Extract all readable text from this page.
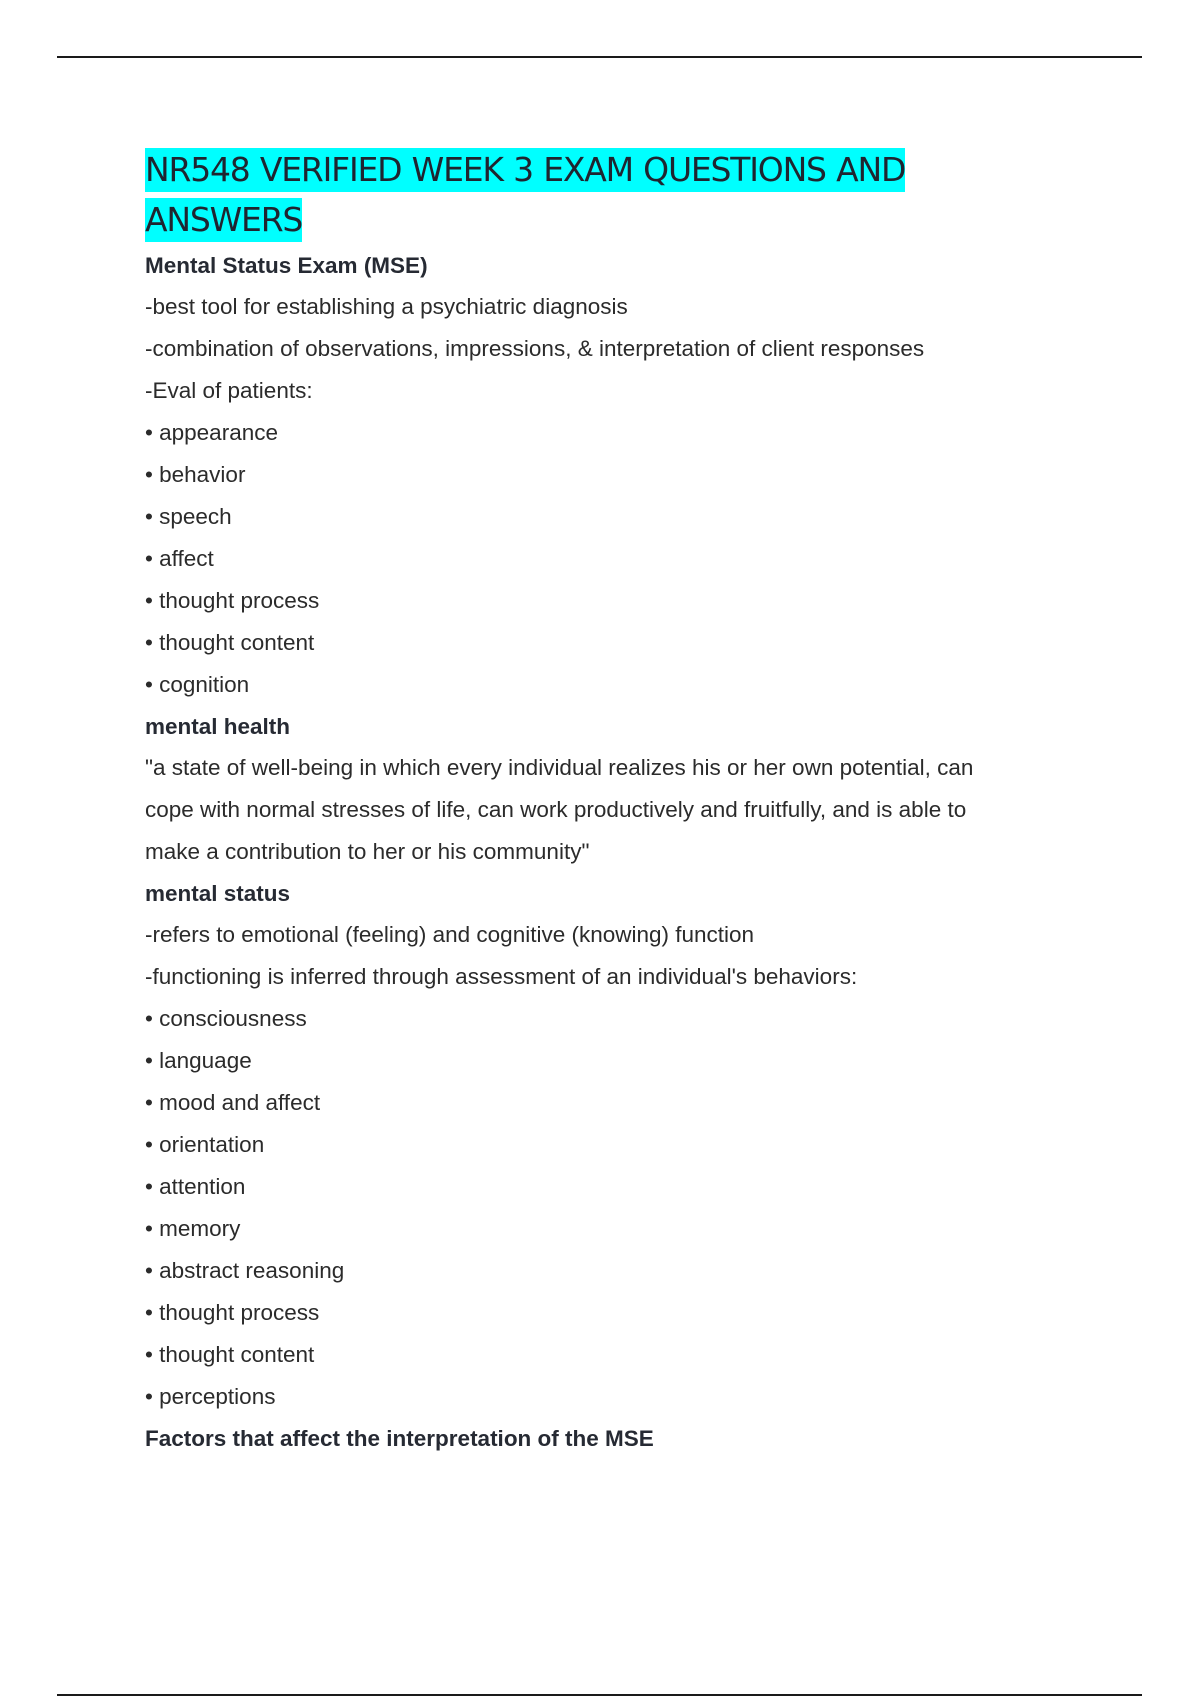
NR548 VERIFIED WEEK 3 EXAM QUESTIONS AND
ANSWERS
Mental Status Exam (MSE)
-best tool for establishing a psychiatric diagnosis
-combination of observations, impressions, & interpretation of client responses
-Eval of patients:
• appearance
• behavior
• speech
• affect
• thought process
• thought content
• cognition
mental health
"a state of well-being in which every individual realizes his or her own potential, can
cope with normal stresses of life, can work productively and fruitfully, and is able to
make a contribution to her or his community"
mental status
-refers to emotional (feeling) and cognitive (knowing) function
-functioning is inferred through assessment of an individual's behaviors:
• consciousness
• language
• mood and affect
• orientation
• attention
• memory
• abstract reasoning
• thought process
• thought content
• perceptions
Factors that affect the interpretation of the MSE
